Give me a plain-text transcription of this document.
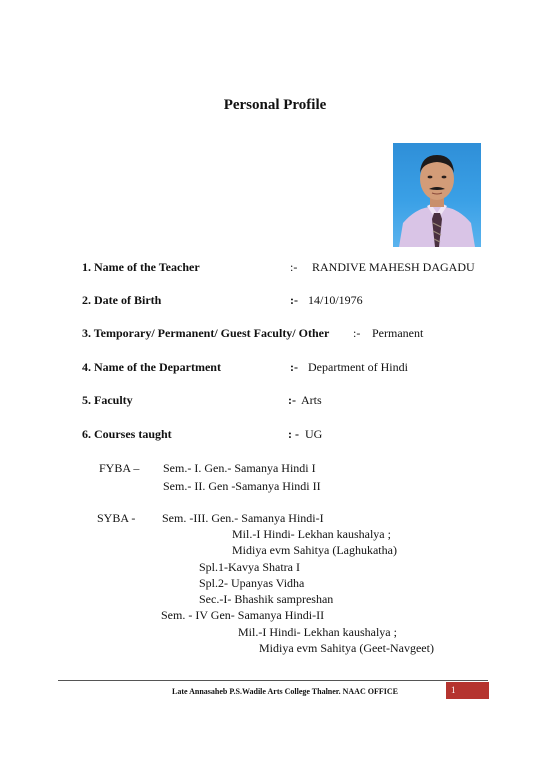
Personal Profile
1. Name of the Teacher	:- RANDIVE MAHESH DAGADU
2. Date of Birth	:- 14/10/1976
3. Temporary/ Permanent/ Guest Faculty/ Other :- Permanent
4. Name of the Department	:- Department of Hindi
5. Faculty	:- Arts
6. Courses taught	: - UG
FYBA – Sem.- I. Gen.- Samanya Hindi I
Sem.- II. Gen -Samanya Hindi II
SYBA - Sem. -III. Gen.- Samanya Hindi-I
Mil.-I Hindi- Lekhan kaushalya ;
Midiya evm Sahitya (Laghukatha)
Spl.1-Kavya Shatra I
Spl.2- Upanyas Vidha
Sec.-I- Bhashik sampreshan
Sem. - IV Gen- Samanya Hindi-II
Mil.-I Hindi- Lekhan kaushalya ;
Midiya evm Sahitya (Geet-Navgeet)
Late Annasaheb P.S.Wadile Arts College Thalner. NAAC OFFICE	1
